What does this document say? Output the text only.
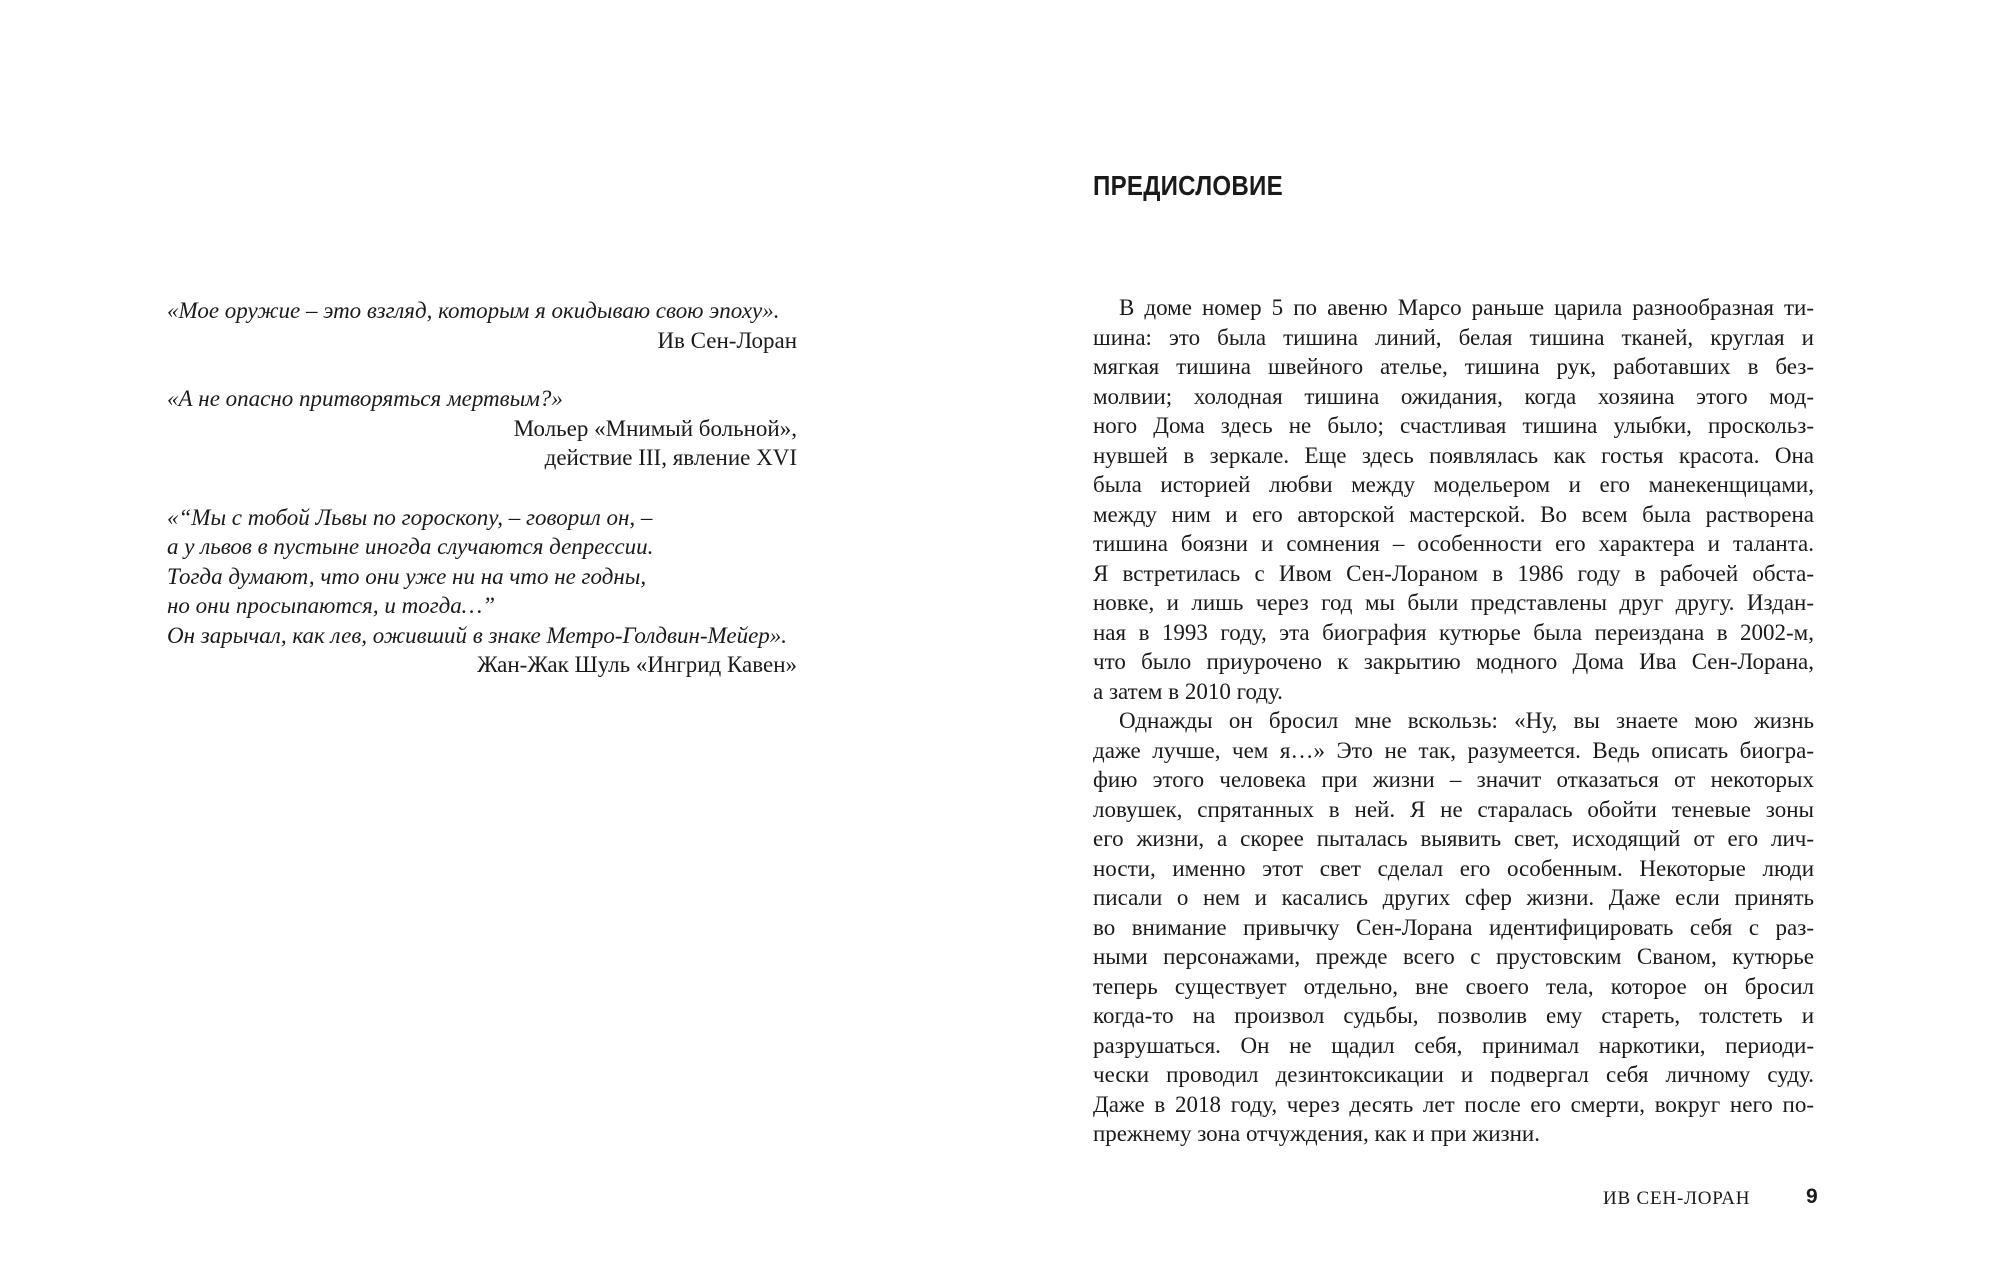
«Мое оружие – это взгляд, которым я окидываю свою эпоху».
Ив Сен-Лоран
«А не опасно притворяться мертвым?»
Мольер «Мнимый больной»,
действие III, явление XVI
«“Мы с тобой Львы по гороскопу, – говорил он, –
а у львов в пустыне иногда случаются депрессии.
Тогда думают, что они уже ни на что не годны,
но они просыпаются, и тогда…”
Он зарычал, как лев, оживший в знаке Метро-Голдвин-Мейер».
Жан-Жак Шуль «Ингрид Кавен»
ПРЕДИСЛОВИЕ
В доме номер 5 по авеню Марсо раньше царила разнообразная ти-
шина: это была тишина линий, белая тишина тканей, круглая и
мягкая тишина швейного ателье, тишина рук, работавших в без-
молвии; холодная тишина ожидания, когда хозяина этого мод-
ного Дома здесь не было; счастливая тишина улыбки, проскольз-
нувшей в зеркале. Еще здесь появлялась как гостья красота. Она
была историей любви между модельером и его манекенщицами,
между ним и его авторской мастерской. Во всем была растворена
тишина боязни и сомнения – особенности его характера и таланта.
Я встретилась с Ивом Сен-Лораном в 1986 году в рабочей обста-
новке, и лишь через год мы были представлены друг другу. Издан-
ная в 1993 году, эта биография кутюрье была переиздана в 2002-м,
что было приурочено к закрытию модного Дома Ива Сен-Лорана,
а затем в 2010 году.
Однажды он бросил мне вскользь: «Ну, вы знаете мою жизнь
даже лучше, чем я…» Это не так, разумеется. Ведь описать биогра-
фию этого человека при жизни – значит отказаться от некоторых
ловушек, спрятанных в ней. Я не старалась обойти теневые зоны
его жизни, а скорее пыталась выявить свет, исходящий от его лич-
ности, именно этот свет сделал его особенным. Некоторые люди
писали о нем и касались других сфер жизни. Даже если принять
во внимание привычку Сен-Лорана идентифицировать себя с раз-
ными персонажами, прежде всего с прустовским Сваном, кутюрье
теперь существует отдельно, вне своего тела, которое он бросил
когда-то на произвол судьбы, позволив ему стареть, толстеть и
разрушаться. Он не щадил себя, принимал наркотики, периоди-
чески проводил дезинтоксикации и подвергал себя личному суду.
Даже в 2018 году, через десять лет после его смерти, вокруг него по-
прежнему зона отчуждения, как и при жизни.
ИВ СЕН-ЛОРАН	9
